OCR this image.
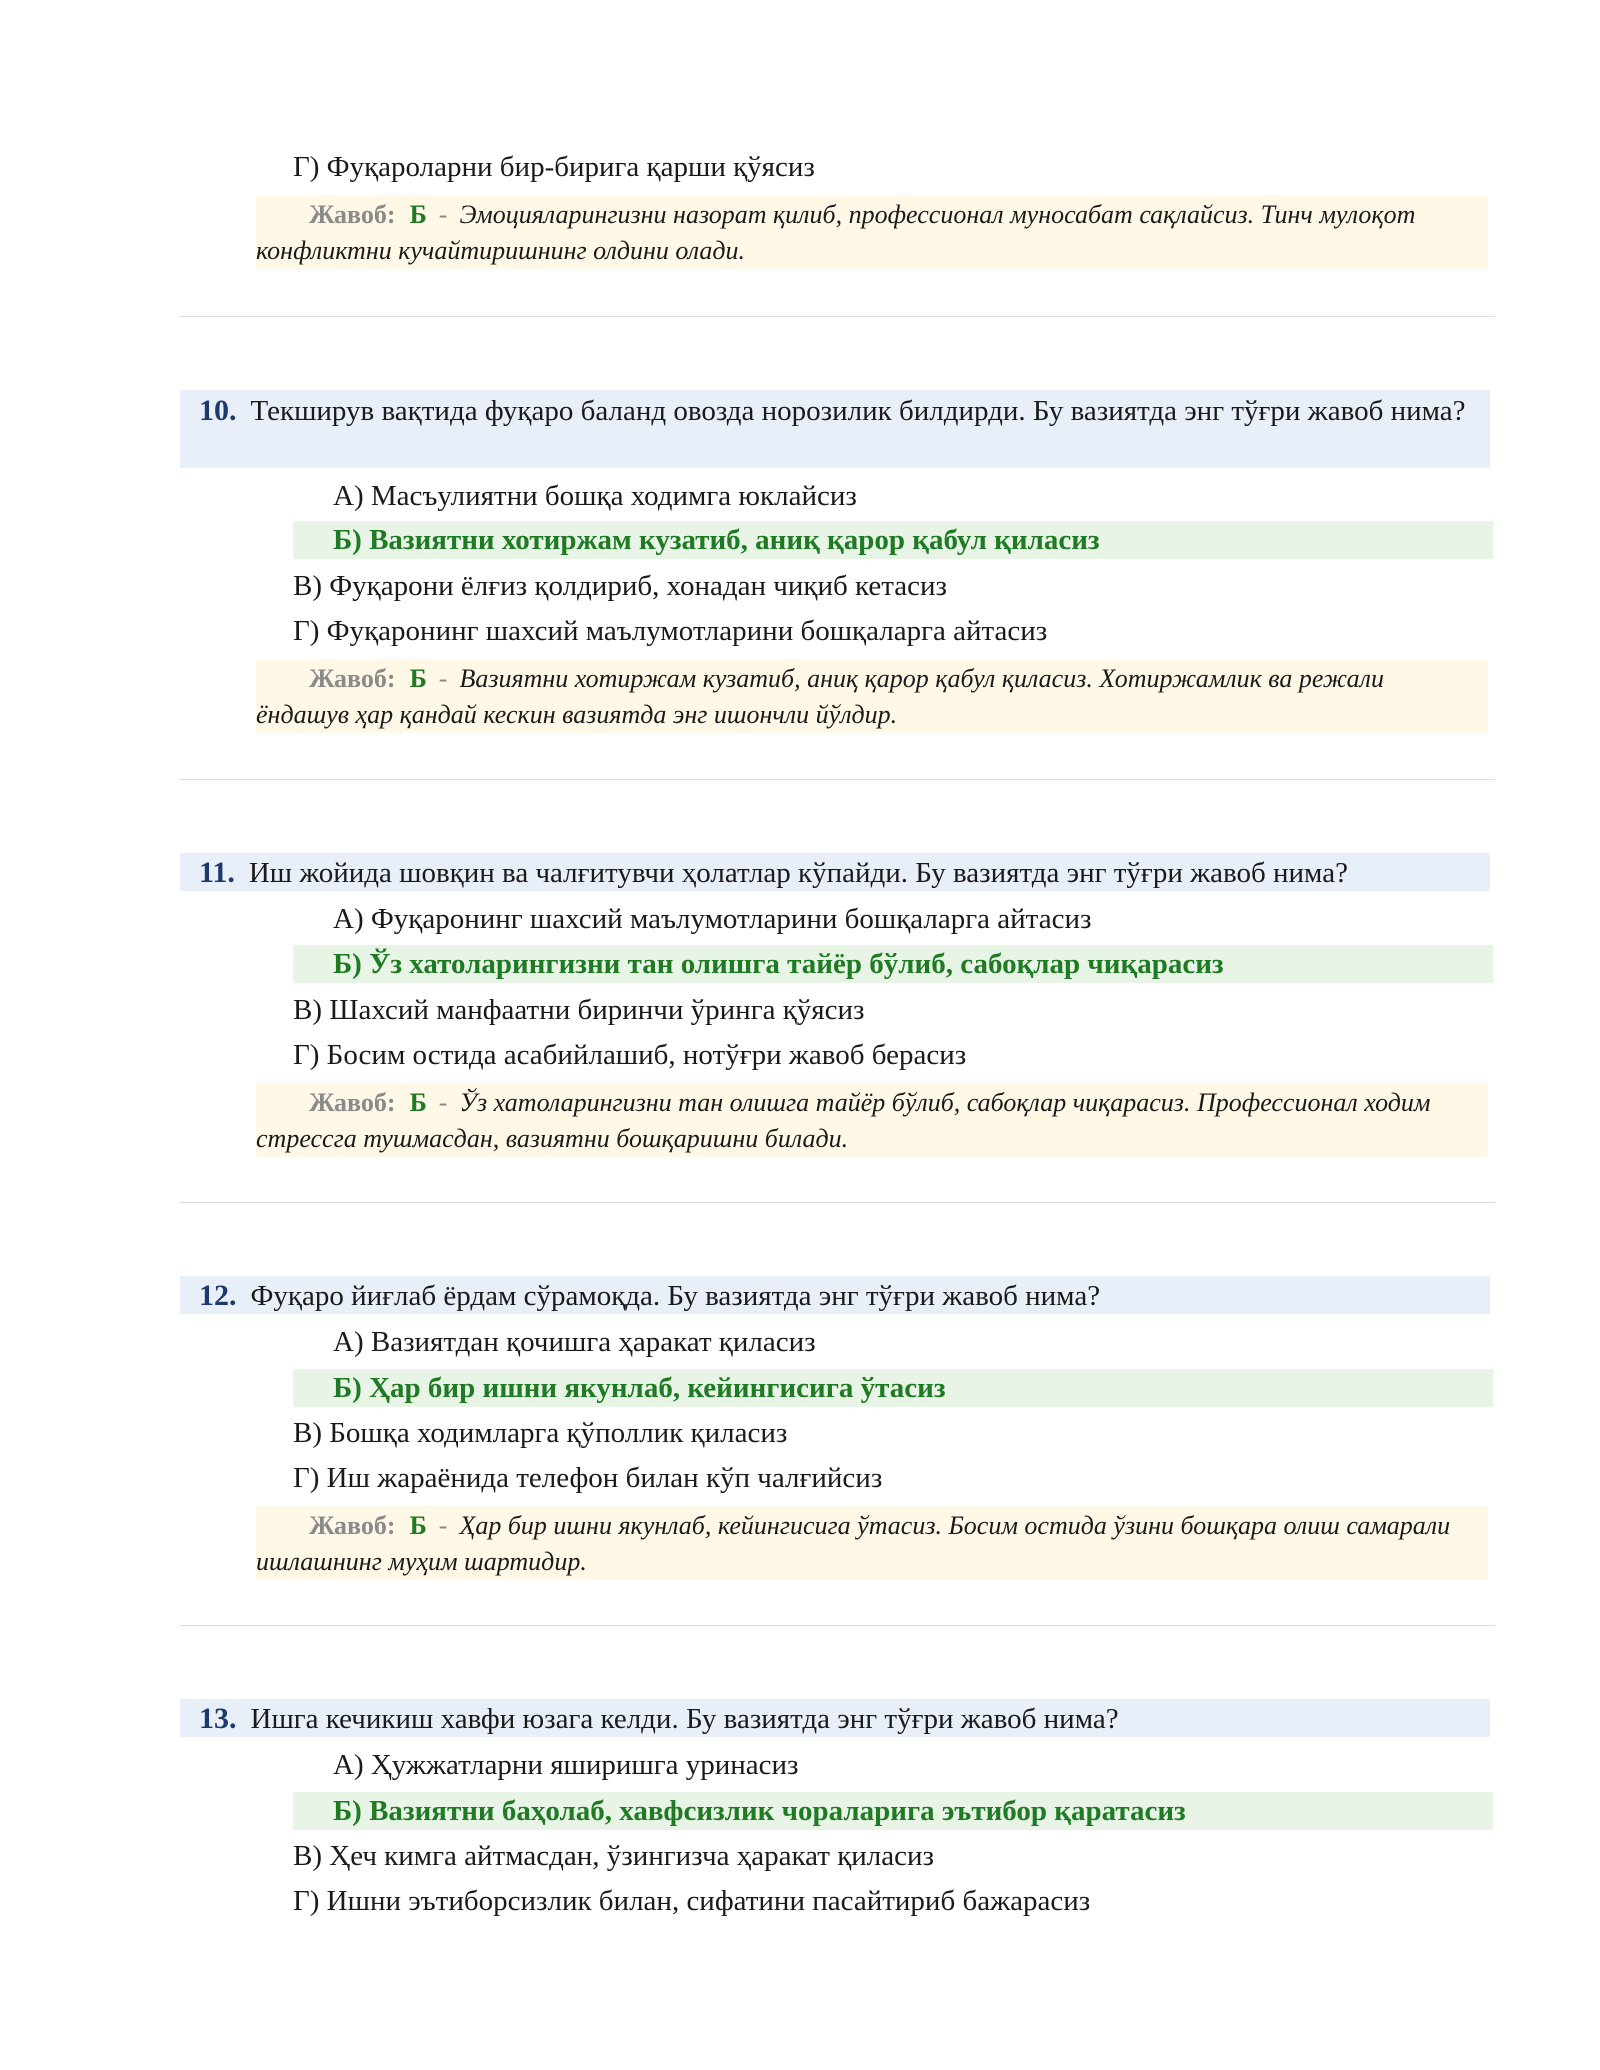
Г) Фуқароларни бир-бирига қарши қўясиз
Жавоб: Б - Эмоцияларингизни назорат қилиб, профессионал муносабат сақлайсиз. Тинч мулоқот конфликтни кучайтиришнинг олдини олади.
10. Текширув вақтида фуқаро баланд овозда норозилик билдирди. Бу вазиятда энг тўғри жавоб нима?
А) Масъулиятни бошқа ходимга юклайсиз
Б) Вазиятни хотиржам кузатиб, аниқ қарор қабул қиласиз
В) Фуқарони ёлғиз қолдириб, хонадан чиқиб кетасиз
Г) Фуқаронинг шахсий маълумотларини бошқаларга айтасиз
Жавоб: Б - Вазиятни хотиржам кузатиб, аниқ қарор қабул қиласиз. Хотиржамлик ва режали ёндашув ҳар қандай кескин вазиятда энг ишончли йўлдир.
11. Иш жойида шовқин ва чалғитувчи ҳолатлар кўпайди. Бу вазиятда энг тўғри жавоб нима?
А) Фуқаронинг шахсий маълумотларини бошқаларга айтасиз
Б) Ўз хатоларингизни тан олишга тайёр бўлиб, сабоқлар чиқарасиз
В) Шахсий манфаатни биринчи ўринга қўясиз
Г) Босим остида асабийлашиб, нотўғри жавоб берасиз
Жавоб: Б - Ўз хатоларингизни тан олишга тайёр бўлиб, сабоқлар чиқарасиз. Профессионал ходим стрессга тушмасдан, вазиятни бошқаришни билади.
12. Фуқаро йиғлаб ёрдам сўрамоқда. Бу вазиятда энг тўғри жавоб нима?
А) Вазиятдан қочишга ҳаракат қиласиз
Б) Ҳар бир ишни якунлаб, кейингисига ўтасиз
В) Бошқа ходимларга қўполлик қиласиз
Г) Иш жараёнида телефон билан кўп чалғийсиз
Жавоб: Б - Ҳар бир ишни якунлаб, кейингисига ўтасиз. Босим остида ўзини бошқара олиш самарали ишлашнинг муҳим шартидир.
13. Ишга кечикиш хавфи юзага келди. Бу вазиятда энг тўғри жавоб нима?
А) Ҳужжатларни яширишга уринасиз
Б) Вазиятни баҳолаб, хавфсизлик чораларига эътибор қаратасиз
В) Ҳеч кимга айтмасдан, ўзингизча ҳаракат қиласиз
Г) Ишни эътиборсизлик билан, сифатини пасайтириб бажарасиз
